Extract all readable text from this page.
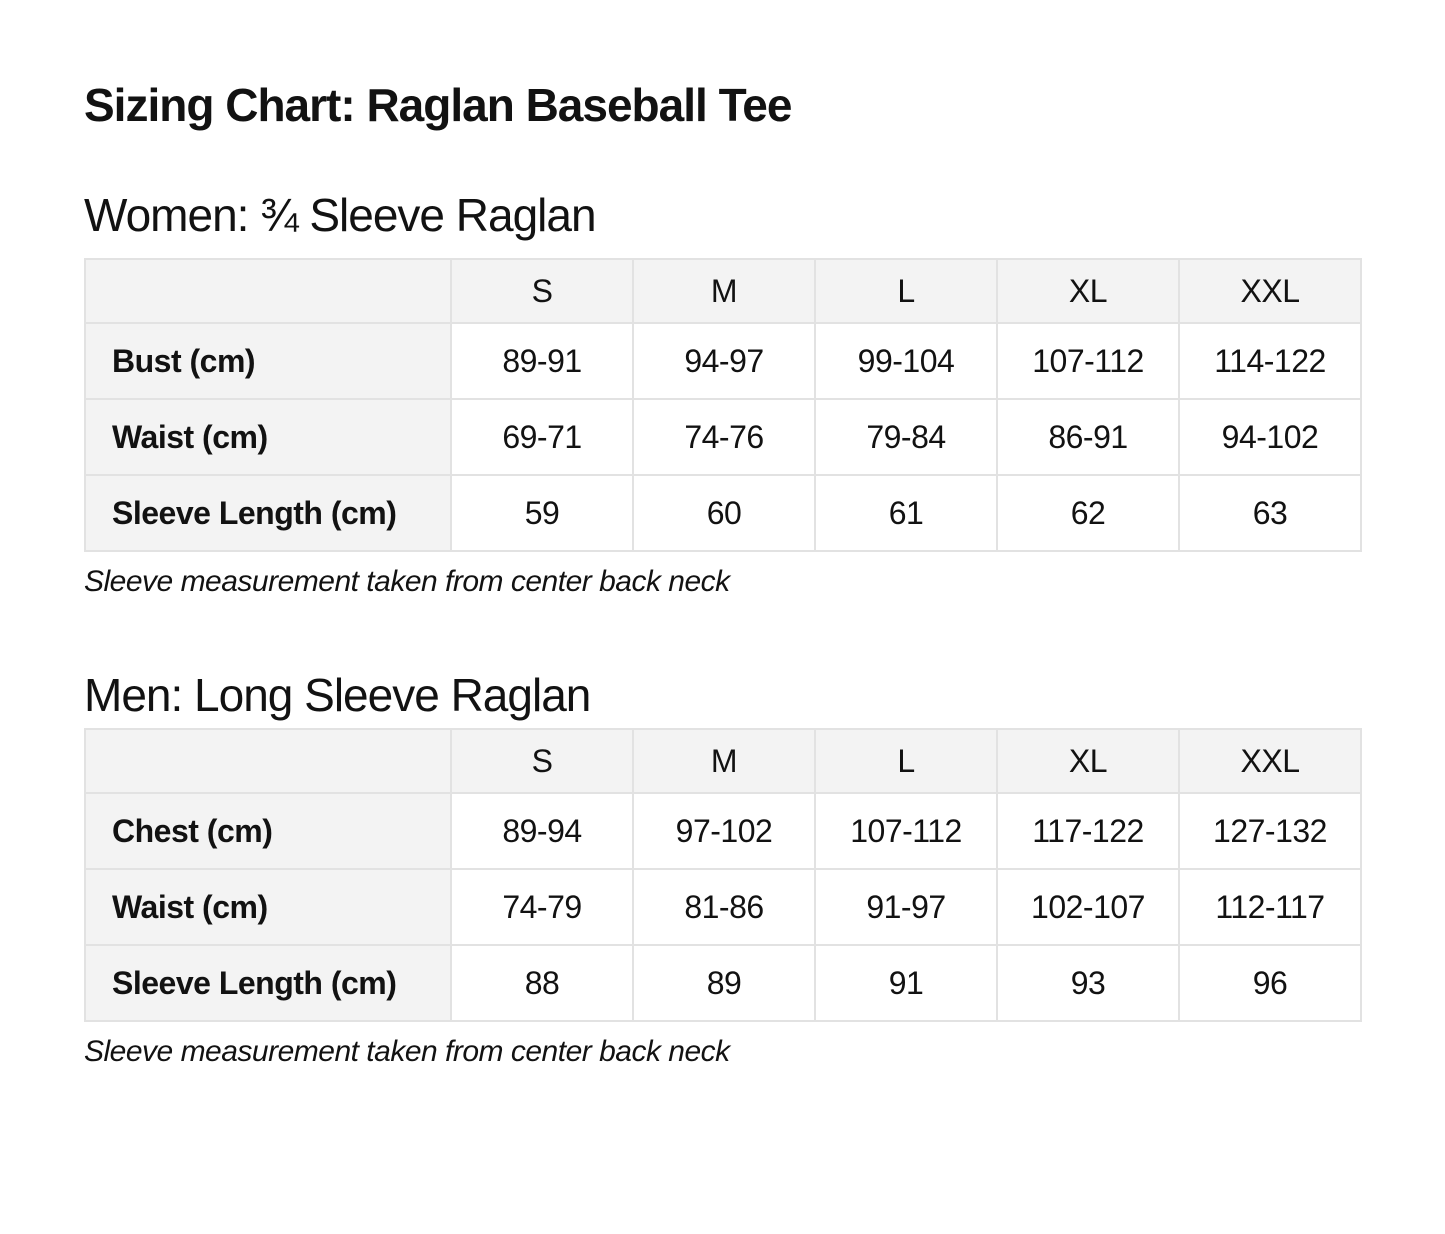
Sizing Chart: Raglan Baseball Tee
Women: ¾ Sleeve Raglan
	S	M	L	XL	XXL
Bust (cm)	89-91	94-97	99-104	107-112	114-122
Waist (cm)	69-71	74-76	79-84	86-91	94-102
Sleeve Length (cm)	59	60	61	62	63

Sleeve measurement taken from center back neck

Men: Long Sleeve Raglan
	S	M	L	XL	XXL
Chest (cm)	89-94	97-102	107-112	117-122	127-132
Waist (cm)	74-79	81-86	91-97	102-107	112-117
Sleeve Length (cm)	88	89	91	93	96

Sleeve measurement taken from center back neck
